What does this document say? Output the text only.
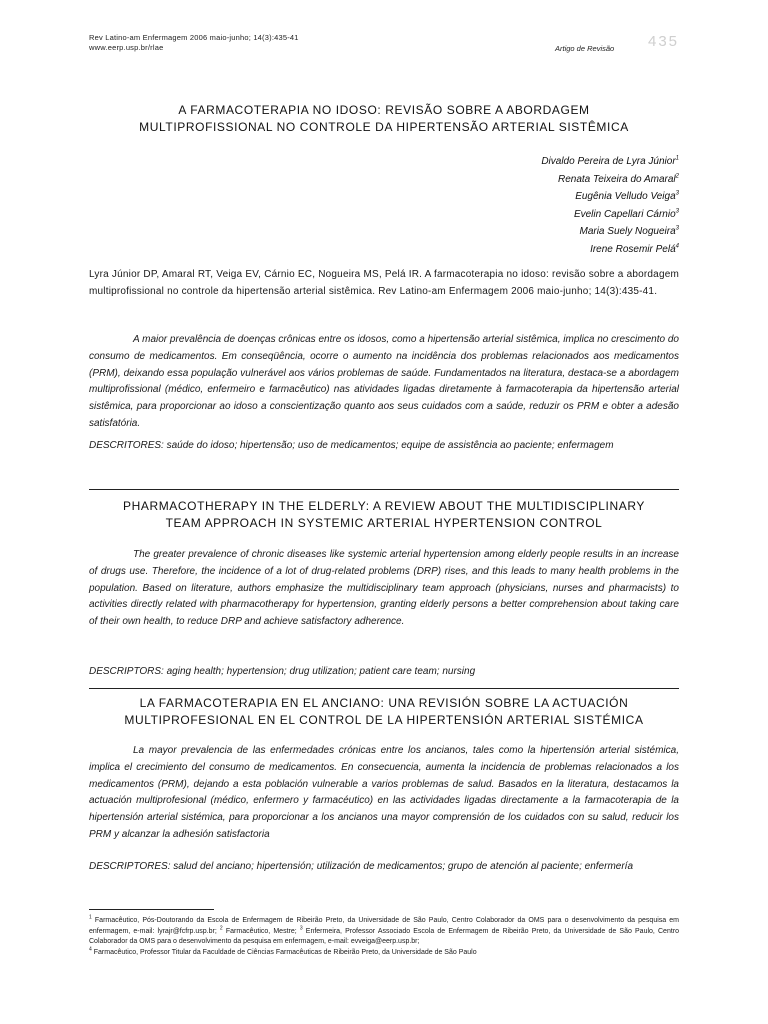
Rev Latino-am Enfermagem 2006 maio-junho; 14(3):435-41
www.eerp.usp.br/rlae	Artigo de Revisão 435
A FARMACOTERAPIA NO IDOSO: REVISÃO SOBRE A ABORDAGEM
MULTIPROFISSIONAL NO CONTROLE DA HIPERTENSÃO ARTERIAL SISTÊMICA
Divaldo Pereira de Lyra Júnior$^1$
Renata Teixeira do Amaral$^2$
Eugênia Velludo Veiga$^3$
Evelin Capellari Cárnio$^3$
Maria Suely Nogueira$^3$
Irene Rosemir Pelá$^4$
Lyra Júnior DP, Amaral RT, Veiga EV, Cárnio EC, Nogueira MS, Pelá IR. A farmacoterapia no idoso: revisão sobre a abordagem multiprofissional no controle da hipertensão arterial sistêmica. Rev Latino-am Enfermagem 2006 maio-junho; 14(3):435-41.
A maior prevalência de doenças crônicas entre os idosos, como a hipertensão arterial sistêmica, implica no crescimento do consumo de medicamentos. Em conseqüência, ocorre o aumento na incidência dos problemas relacionados aos medicamentos (PRM), deixando essa população vulnerável aos vários problemas de saúde. Fundamentados na literatura, destaca-se a abordagem multiprofissional (médico, enfermeiro e farmacêutico) nas atividades ligadas diretamente à farmacoterapia da hipertensão arterial sistêmica, para proporcionar ao idoso a conscientização quanto aos seus cuidados com a saúde, reduzir os PRM e obter a adesão satisfatória.
DESCRITORES: saúde do idoso; hipertensão; uso de medicamentos; equipe de assistência ao paciente; enfermagem
PHARMACOTHERAPY IN THE ELDERLY: A REVIEW ABOUT THE MULTIDISCIPLINARY
TEAM APPROACH IN SYSTEMIC ARTERIAL HYPERTENSION CONTROL
The greater prevalence of chronic diseases like systemic arterial hypertension among elderly people results in an increase of drugs use. Therefore, the incidence of a lot of drug-related problems (DRP) rises, and this leads to many health problems in the population. Based on literature, authors emphasize the multidisciplinary team approach (physicians, nurses and pharmacists) to activities directly related with pharmacotherapy for hypertension, granting elderly persons a better comprehension about taking care of their own health, to reduce DRP and achieve satisfactory adherence.
DESCRIPTORS: aging health; hypertension; drug utilization; patient care team; nursing
LA FARMACOTERAPIA EN EL ANCIANO: UNA REVISIÓN SOBRE LA ACTUACIÓN
MULTIPROFESIONAL EN EL CONTROL DE LA HIPERTENSIÓN ARTERIAL SISTÉMICA
La mayor prevalencia de las enfermedades crónicas entre los ancianos, tales como la hipertensión arterial sistémica, implica el crecimiento del consumo de medicamentos. En consecuencia, aumenta la incidencia de problemas relacionados a los medicamentos (PRM), dejando a esta población vulnerable a varios problemas de salud. Basados en la literatura, destacamos la actuación multiprofesional (médico, enfermero y farmacéutico) en las actividades ligadas directamente a la farmacoterapia de la hipertensión arterial sistémica, para proporcionar a los ancianos una mayor comprensión de los cuidados con su salud, reducir los PRM y alcanzar la adhesión satisfactoria
DESCRIPTORES: salud del anciano; hipertensión; utilización de medicamentos; grupo de atención al paciente; enfermería
$^1$ Farmacêutico, Pós-Doutorando da Escola de Enfermagem de Ribeirão Preto, da Universidade de São Paulo, Centro Colaborador da OMS para o desenvolvimento da pesquisa em enfermagem, e-mail: lyrajr@fcfrp.usp.br; $^2$ Farmacêutico, Mestre; $^3$ Enfermeira, Professor Associado Escola de Enfermagem de Ribeirão Preto, da Universidade de São Paulo, Centro Colaborador da OMS para o desenvolvimento da pesquisa em enfermagem, e-mail: evveiga@eerp.usp.br;
$^4$ Farmacêutico, Professor Titular da Faculdade de Ciências Farmacêuticas de Ribeirão Preto, da Universidade de São Paulo
